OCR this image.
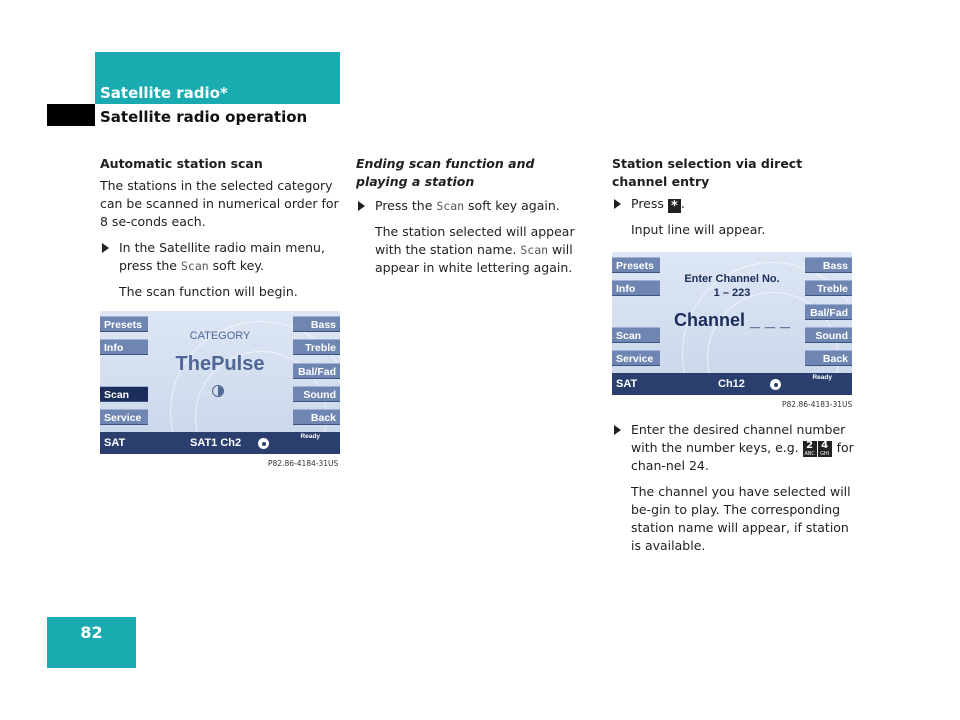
Satellite radio*
Satellite radio operation

Automatic station scan

The stations in the selected category can be scanned in numerical order for 8 se-conds each.

In the Satellite radio main menu, press the Scan soft key.

The scan function will begin.

Ending scan function and playing a station

Press the Scan soft key again.

The station selected will appear with the station name. Scan will appear in white lettering again.

Station selection via direct channel entry

Press * .

Input line will appear.

Enter the desired channel number with the number keys, e.g. 2
ABC
4
GHI for chan-nel 24.

The channel you have selected will be-gin to play. The corresponding station name will appear, if station is available.

Presets
Info
Scan
Service
Bass
Treble
Bal/Fad
Sound
Back
CATEGORY
ThePulse
SAT	SAT1 Ch2
Ready
P82.86-4184-31US
Presets
Info
Scan
Service
Bass
Treble
Bal/Fad
Sound
Back
Enter Channel No.
1 – 223
Channel _ _ _
SAT	Ch12
Ready
P82.86-4183-31US
82
